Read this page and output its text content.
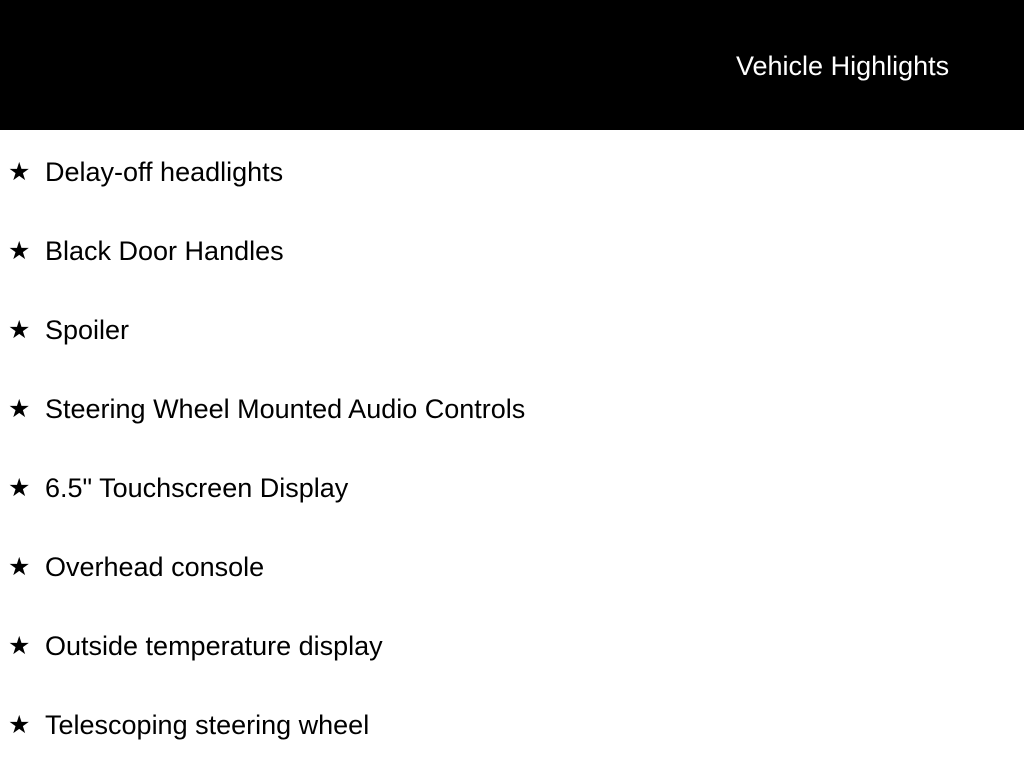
Vehicle Highlights
★ Delay-off headlights
★ Black Door Handles
★ Spoiler
★ Steering Wheel Mounted Audio Controls
★ 6.5" Touchscreen Display
★ Overhead console
★ Outside temperature display
★ Telescoping steering wheel
